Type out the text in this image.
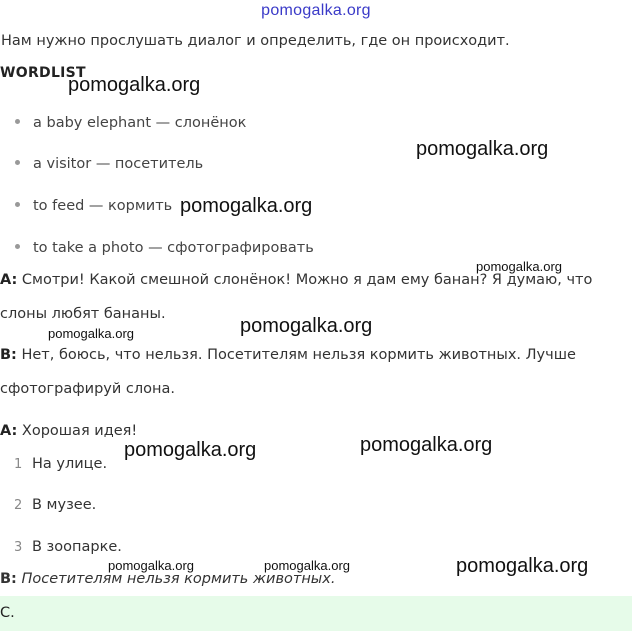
pomogalka.org
Нам нужно прослушать диалог и определить, где он происходит.
WORDLIST
a baby elephant — слонёнок
a visitor — посетитель
to feed — кормить
to take a photo — сфотографировать
A: Смотри! Какой смешной слонёнок! Можно я дам ему банан? Я думаю, что
слоны любят бананы.
B: Нет, боюсь, что нельзя. Посетителям нельзя кормить животных. Лучше
сфотографируй слона.
A: Хорошая идея!
1 На улице.
2 В музее.
3 В зоопарке.
B: Посетителям нельзя кормить животных.
C.
pomogalka.org
pomogalka.org
pomogalka.org
pomogalka.org
pomogalka.org
pomogalka.org
pomogalka.org	pomogalka.org
pomogalka.org	pomogalka.org	pomogalka.org
